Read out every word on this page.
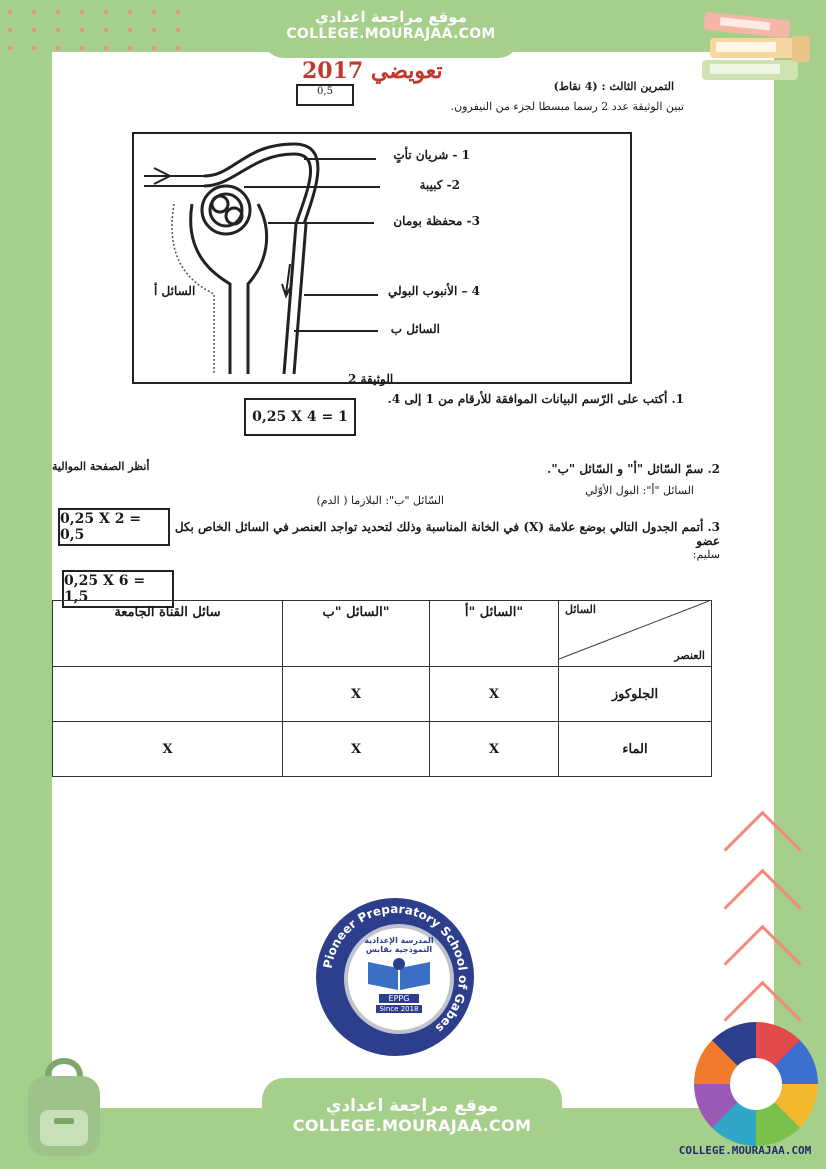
موقع مراجعة اعدادي
COLLEGE.MOURAJAA.COM
تعويضي 2017
0,5	التمرين الثالث : (4 نقاط)
تبين الوثيقة عدد 2 رسما مبسطا لجزء من النيفرون.
1 - شريان تأتٍ
2- كبيبة
3- محفظة بومان
4 – الأنبوب البولي
السائل ب
السائل أ
الوثيقة 2
1. أكتب على الرّسم البيانات الموافقة للأرقام من 1 إلى 4.
0,25 X 4 = 1
أنظر الصفحة الموالية	2. سمّ السّائل "أ" و السّائل "ب".
السائل "أ": البول الأوّلي
السّائل "ب": البلازما ( الدم)
0,25 X 2 = 0,5	3. أتمم الجدول التالي بوضع علامة (X) في الخانة المناسبة وذلك لتحديد تواجد العنصر في السائل الخاص بكل عضو
سليم:
0,25 X 6 = 1,5
سائل القناة الجامعة	السائل "ب"	السائل "أ"	السائل
العنصر

	X	X	الجلوكوز
X	X	X	الماء
Pioneer Preparatory School of Gabes
المدرسة الإعدادية النموذجية بقابس
EPPG
Since 2018
موقع مراجعة اعدادي
COLLEGE.MOURAJAA.COM
COLLEGE.MOURAJAA.COM
